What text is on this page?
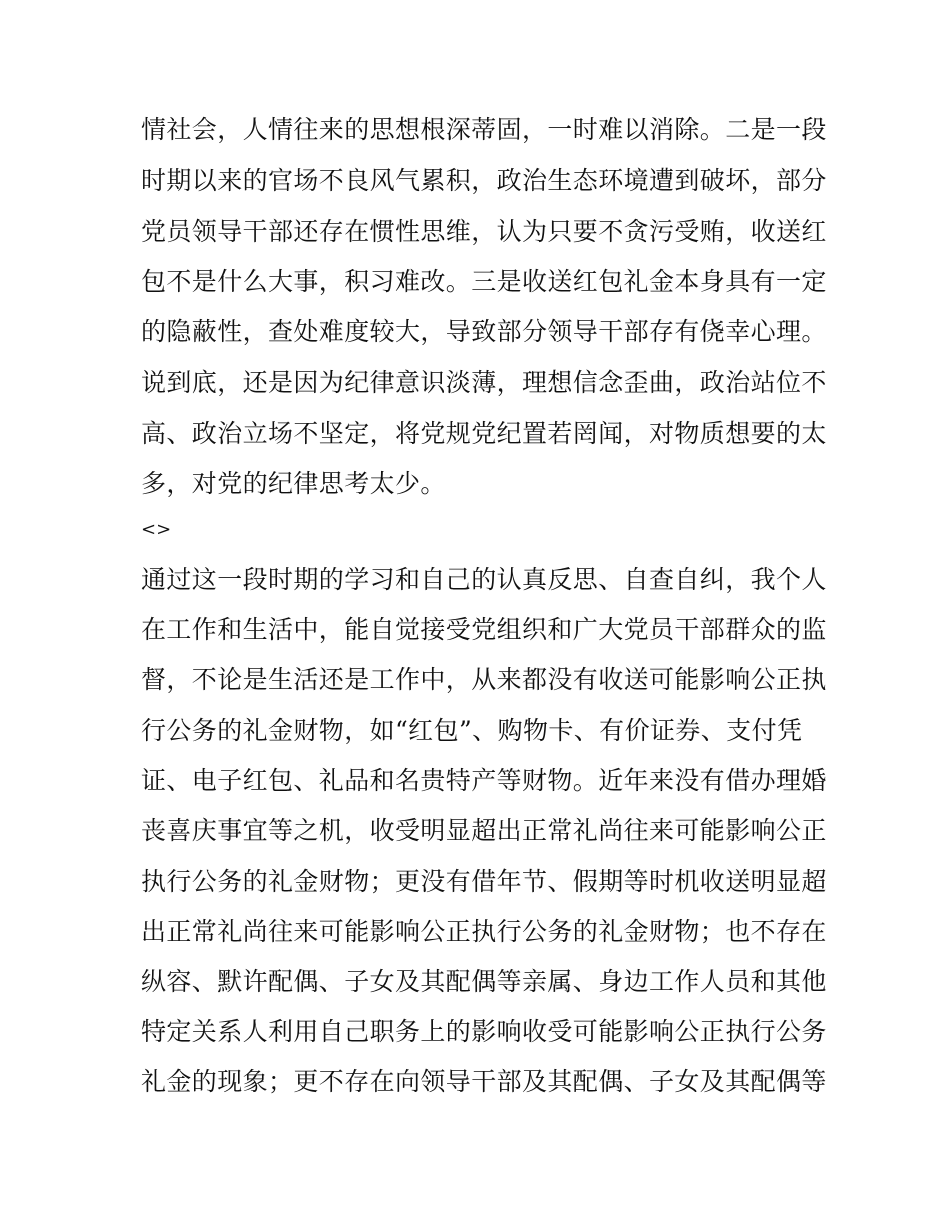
情社会，人情往来的思想根深蒂固，一时难以消除。二是一段
时期以来的官场不良风气累积，政治生态环境遭到破坏，部分
党员领导干部还存在惯性思维，认为只要不贪污受贿，收送红
包不是什么大事，积习难改。三是收送红包礼金本身具有一定
的隐蔽性，查处难度较大，导致部分领导干部存有侥幸心理。
说到底，还是因为纪律意识淡薄，理想信念歪曲，政治站位不
高、政治立场不坚定，将党规党纪置若罔闻，对物质想要的太
多，对党的纪律思考太少。
<>
通过这一段时期的学习和自己的认真反思、自查自纠，我个人
在工作和生活中，能自觉接受党组织和广大党员干部群众的监
督，不论是生活还是工作中，从来都没有收送可能影响公正执
行公务的礼金财物，如“红包”、购物卡、有价证券、支付凭
证、电子红包、礼品和名贵特产等财物。近年来没有借办理婚
丧喜庆事宜等之机，收受明显超出正常礼尚往来可能影响公正
执行公务的礼金财物；更没有借年节、假期等时机收送明显超
出正常礼尚往来可能影响公正执行公务的礼金财物；也不存在
纵容、默许配偶、子女及其配偶等亲属、身边工作人员和其他
特定关系人利用自己职务上的影响收受可能影响公正执行公务
礼金的现象；更不存在向领导干部及其配偶、子女及其配偶等
